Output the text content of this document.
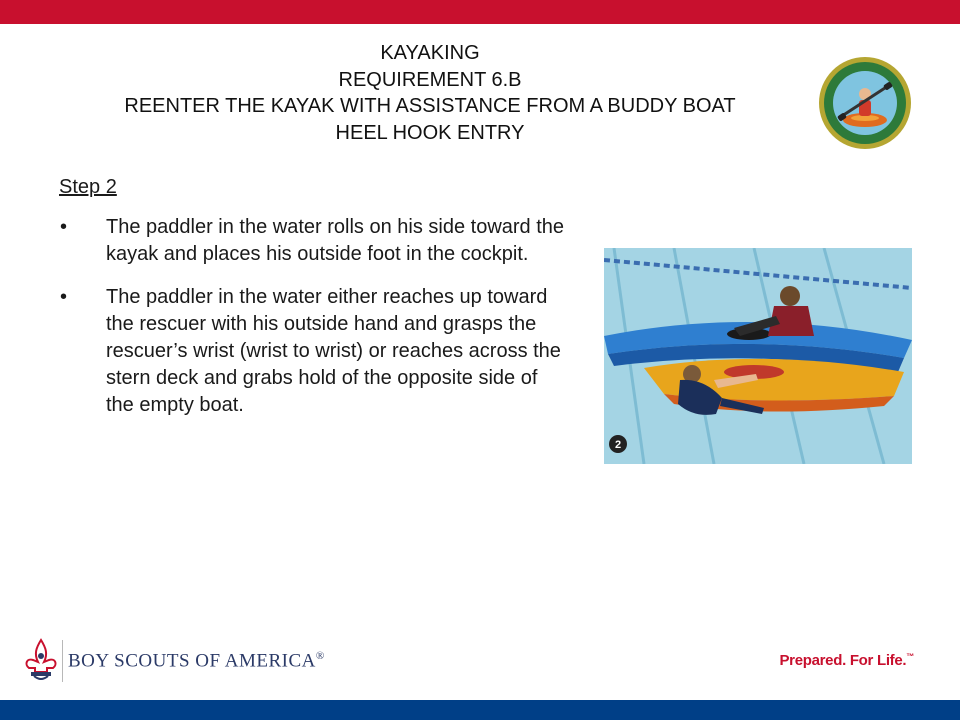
KAYAKING
REQUIREMENT 6.B
REENTER THE KAYAK WITH ASSISTANCE FROM A BUDDY BOAT
HEEL HOOK ENTRY
Step 2
• The paddler in the water rolls on his side toward the kayak and places his outside foot in the cockpit.
• The paddler in the water either reaches up toward the rescuer with his outside hand and grasps the rescuer’s wrist (wrist to wrist) or reaches across the stern deck and grabs hold of the opposite side of the empty boat.
2
BOY SCOUTS OF AMERICA®	Prepared. For Life.™
